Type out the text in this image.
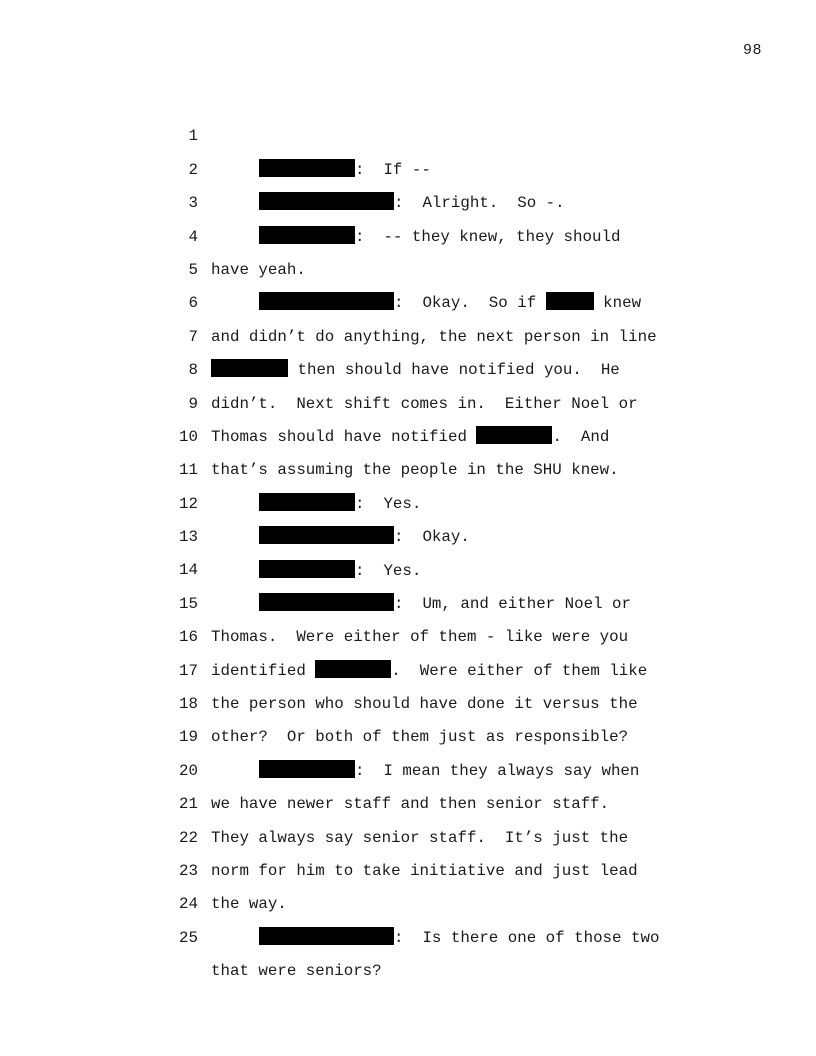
98

1

:  If --

2

:  Alright.  So -.

3

:  -- they knew, they should

4

have yeah.

5

:  Okay.  So if	knew

6

and didn’t do anything, the next person in line

7

then should have notified you.  He

8

didn’t.  Next shift comes in.  Either Noel or

9

Thomas should have notified	.  And

10

that’s assuming the people in the SHU knew.

11

:  Yes.

12

:  Okay.

13

:  Yes.

14

:  Um, and either Noel or

15

Thomas.  Were either of them - like were you

16

identified	.  Were either of them like

17

the person who should have done it versus the

18

other?  Or both of them just as responsible?

19

:  I mean they always say when

20

we have newer staff and then senior staff.

21

They always say senior staff.  It’s just the

22

norm for him to take initiative and just lead

23

the way.

24

:  Is there one of those two

25

that were seniors?
